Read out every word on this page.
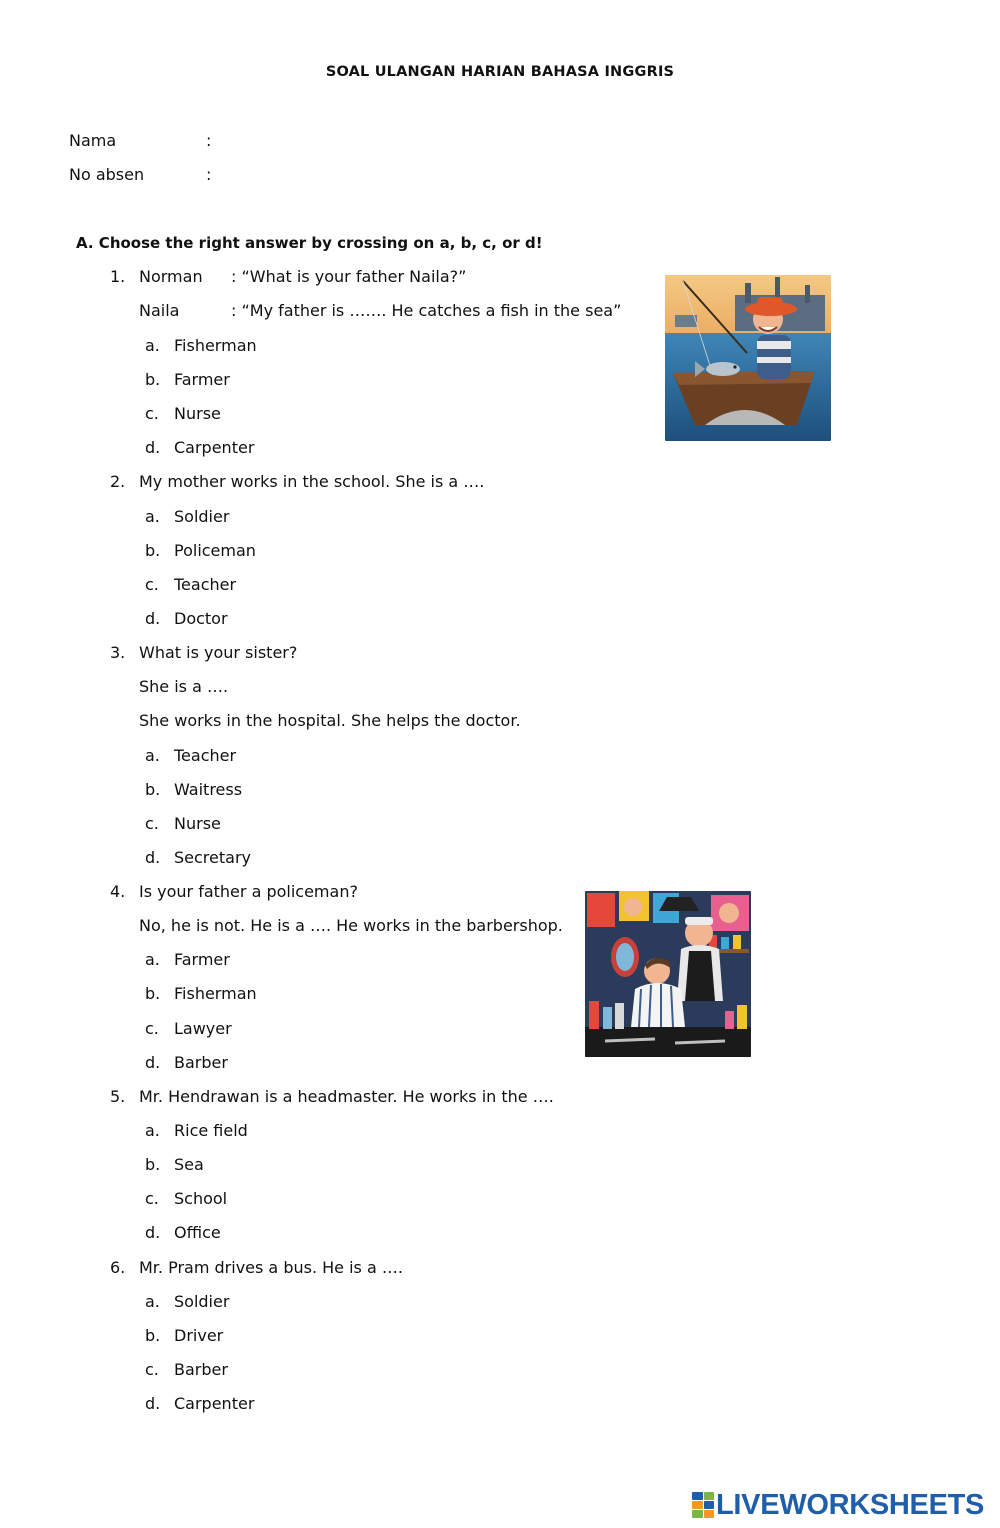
SOAL ULANGAN HARIAN BAHASA INGGRIS
Nama	:
No absen	:
A. Choose the right answer by crossing on a, b, c, or d!
1. Norman : “What is your father Naila?”
Naila	: “My father is ……. He catches a fish in the sea”
a. Fisherman
b. Farmer
c. Nurse
d. Carpenter
2. My mother works in the school. She is a ….
a. Soldier
b. Policeman
c. Teacher
d. Doctor
3. What is your sister?
She is a ….
She works in the hospital. She helps the doctor.
a. Teacher
b. Waitress
c. Nurse
d. Secretary
4. Is your father a policeman?
No, he is not. He is a …. He works in the barbershop.
a. Farmer
b. Fisherman
c. Lawyer
d. Barber
5. Mr. Hendrawan is a headmaster. He works in the ….
a. Rice field
b. Sea
c. School
d. Office
6. Mr. Pram drives a bus. He is a ….
a. Soldier
b. Driver
c. Barber
d. Carpenter
LIVEWORKSHEETS
